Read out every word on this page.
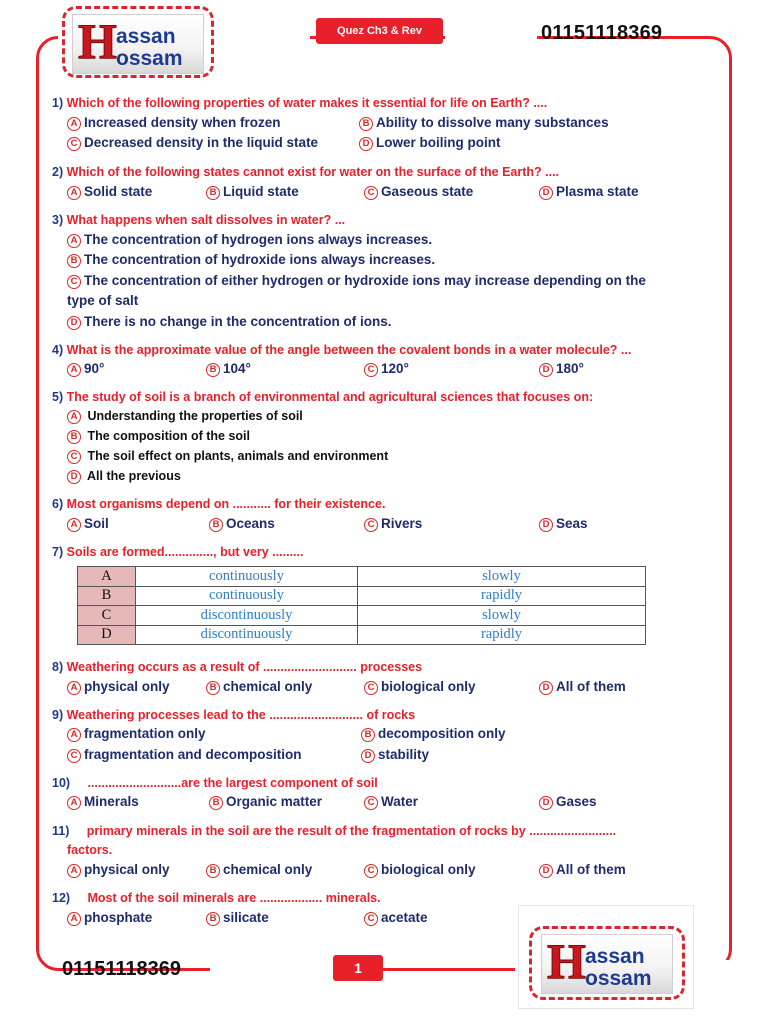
H assan
ossam
Quez Ch3 & Rev	01151118369
1) Which of the following properties of water makes it essential for life on Earth? ....
A Increased density when frozen	B Ability to dissolve many substances
C Decreased density in the liquid state	D Lower boiling point
2) Which of the following states cannot exist for water on the surface of the Earth? ....
A Solid state	B Liquid state	C Gaseous state	D Plasma state
3) What happens when salt dissolves in water? ...
A The concentration of hydrogen ions always increases.
B The concentration of hydroxide ions always increases.
C The concentration of either hydrogen or hydroxide ions may increase depending on the
type of salt
D There is no change in the concentration of ions.
4) What is the approximate value of the angle between the covalent bonds in a water molecule? ...
A 90°	B 104°	C 120°	D 180°
5) The study of soil is a branch of environmental and agricultural sciences that focuses on:
A Understanding the properties of soil
B The composition of the soil
C The soil effect on plants, animals and environment
D All the previous
6) Most organisms depend on ........... for their existence.
A Soil	B Oceans	C Rivers	D Seas
7) Soils are formed.............., but very .........
A	continuously	slowly
B	continuously	rapidly
C	discontinuously	slowly
D	discontinuously	rapidly
8) Weathering occurs as a result of ........................... processes
A physical only	B chemical only	C biological only	D All of them
9) Weathering processes lead to the ........................... of rocks
A fragmentation only	B decomposition only
C fragmentation and decomposition	D stability
10) ...........................are the largest component of soil
A Minerals	B Organic matter	C Water	D Gases
11) primary minerals in the soil are the result of the fragmentation of rocks by .........................
factors.
A physical only	B chemical only	C biological only	D All of them
12) Most of the soil minerals are .................. minerals.
A phosphate	B silicate	C acetate
01151118369	1	H assan
ossam
